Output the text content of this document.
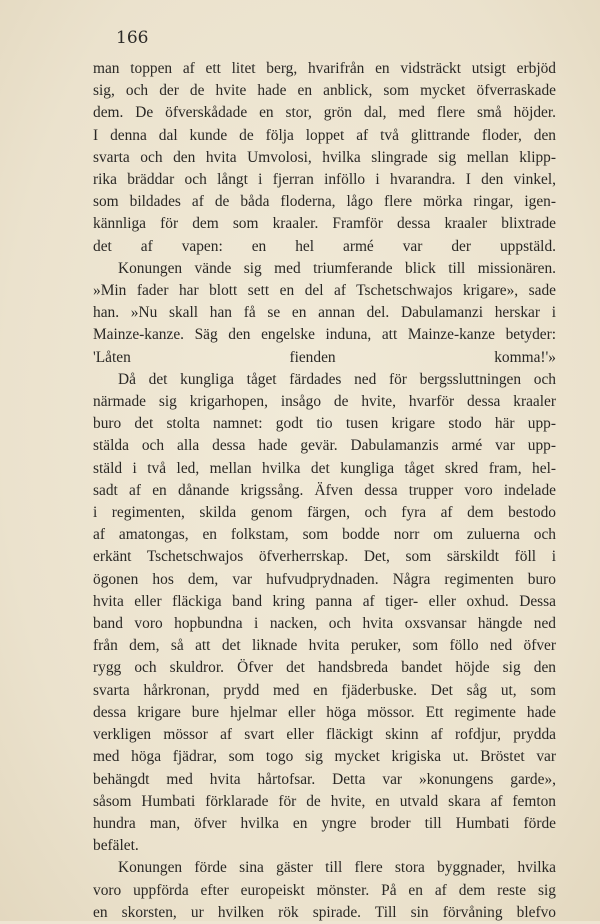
166

man toppen af ett litet berg, hvarifrån en vidsträckt utsigt erbjöd
sig, och der de hvite hade en anblick, som mycket öfverraskade
dem. De öfverskådade en stor, grön dal, med flere små höjder.
I denna dal kunde de följa loppet af två glittrande floder, den
svarta och den hvita Umvolosi, hvilka slingrade sig mellan klipp-
rika bräddar och långt i fjerran inföllo i hvarandra. I den vinkel,
som bildades af de båda floderna, lågo flere mörka ringar, igen-
kännliga för dem som kraaler. Framför dessa kraaler blixtrade
det af vapen: en hel armé var der uppstäld.

Konungen vände sig med triumferande blick till missionären.
»Min fader har blott sett en del af Tschetschwajos krigare», sade
han. »Nu skall han få se en annan del. Dabulamanzi herskar i
Mainze-kanze. Säg den engelske induna, att Mainze-kanze betyder:
'Låten fienden komma!'»

Då det kungliga tåget färdades ned för bergssluttningen och
närmade sig krigarhopen, insågo de hvite, hvarför dessa kraaler
buro det stolta namnet: godt tio tusen krigare stodo här upp-
stälda och alla dessa hade gevär. Dabulamanzis armé var upp-
stäld i två led, mellan hvilka det kungliga tåget skred fram, hel-
sadt af en dånande krigssång. Äfven dessa trupper voro indelade
i regimenten, skilda genom färgen, och fyra af dem bestodo
af amatongas, en folkstam, som bodde norr om zuluerna och
erkänt Tschetschwajos öfverherrskap. Det, som särskildt föll i
ögonen hos dem, var hufvudprydnaden. Några regimenten buro
hvita eller fläckiga band kring panna af tiger- eller oxhud. Dessa
band voro hopbundna i nacken, och hvita oxsvansar hängde ned
från dem, så att det liknade hvita peruker, som föllo ned öfver
rygg och skuldror. Öfver det handsbreda bandet höjde sig den
svarta hårkronan, prydd med en fjäderbuske. Det såg ut, som
dessa krigare bure hjelmar eller höga mössor. Ett regimente hade
verkligen mössor af svart eller fläckigt skinn af rofdjur, prydda
med höga fjädrar, som togo sig mycket krigiska ut. Bröstet var
behängdt med hvita hårtofsar. Detta var »konungens garde»,
såsom Humbati förklarade för de hvite, en utvald skara af femton
hundra man, öfver hvilka en yngre broder till Humbati förde
befälet.

Konungen förde sina gäster till flere stora byggnader, hvilka
voro uppförda efter europeiskt mönster. På en af dem reste sig
en skorsten, ur hvilken rök spirade. Till sin förvåning blefvo
